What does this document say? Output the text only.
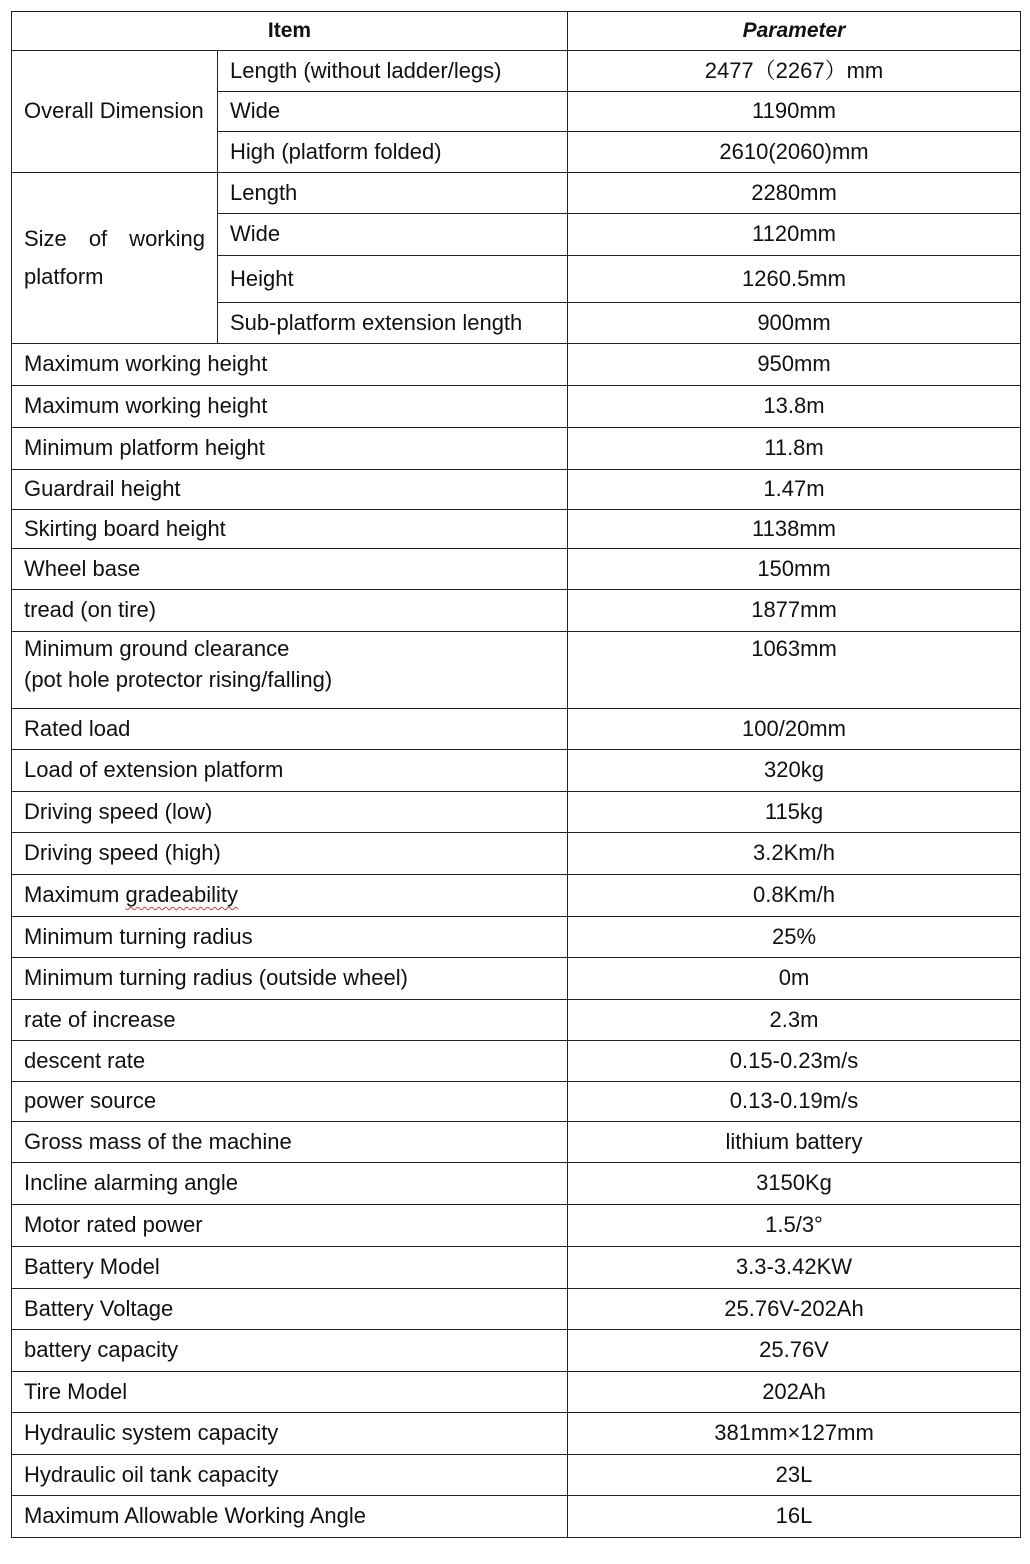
Item		Parameter
Overall Dimension	Length (without ladder/legs)	2477（2267）mm
	Wide	1190mm
	High (platform folded)	2610(2060)mm
Size of working platform	Length	2280mm
	Wide	1120mm
	Height	1260.5mm
	Sub-platform extension length	900mm
Maximum working height		950mm
Maximum working height		13.8m
Minimum platform height		11.8m
Guardrail height		1.47m
Skirting board height		1138mm
Wheel base		150mm
tread (on tire)		1877mm

Minimum ground clearance
(pot hole protector rising/falling)		1063mm
Rated load		100/20mm
Load of extension platform		320kg
Driving speed (low)		115kg
Driving speed (high)		3.2Km/h
Maximum gradeability		0.8Km/h
Minimum turning radius		25%
Minimum turning radius (outside wheel)		0m
rate of increase		2.3m
descent rate		0.15-0.23m/s
power source		0.13-0.19m/s
Gross mass of the machine		lithium battery
Incline alarming angle		3150Kg
Motor rated power		1.5/3°
Battery Model		3.3-3.42KW
Battery Voltage		25.76V-202Ah
battery capacity		25.76V
Tire Model		202Ah
Hydraulic system capacity		381mm×127mm
Hydraulic oil tank capacity		23L
Maximum Allowable Working Angle		16L
